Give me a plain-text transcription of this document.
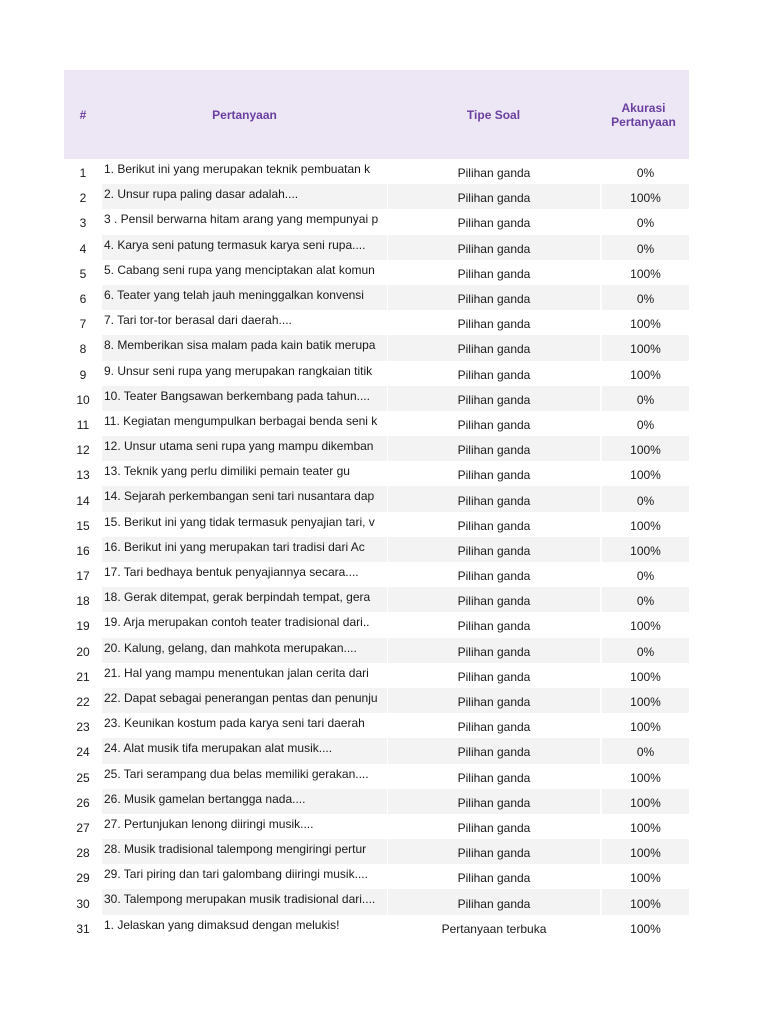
#	Pertanyaan	Tipe Soal	Akurasi
Pertanyaan
1	1. Berikut ini yang merupakan teknik pembuatan k	Pilihan ganda	0%
2	2. Unsur rupa paling dasar adalah....	Pilihan ganda	100%
3	3 . Pensil berwarna hitam arang yang mempunyai p	Pilihan ganda	0%
4	4. Karya seni patung termasuk karya seni rupa....	Pilihan ganda	0%
5	5. Cabang seni rupa yang menciptakan alat komun	Pilihan ganda	100%
6	6. Teater yang telah jauh meninggalkan konvensi	Pilihan ganda	0%
7	7. Tari tor-tor berasal dari daerah....	Pilihan ganda	100%
8	8. Memberikan sisa malam pada kain batik merupa	Pilihan ganda	100%
9	9. Unsur seni rupa yang merupakan rangkaian titik	Pilihan ganda	100%
10	10. Teater Bangsawan berkembang pada tahun....	Pilihan ganda	0%
11	11. Kegiatan mengumpulkan berbagai benda seni k	Pilihan ganda	0%
12	12. Unsur utama seni rupa yang mampu dikemban	Pilihan ganda	100%
13	13. Teknik yang perlu dimiliki pemain teater gu	Pilihan ganda	100%
14	14. Sejarah perkembangan seni tari nusantara dap	Pilihan ganda	0%
15	15. Berikut ini yang tidak termasuk penyajian tari, v	Pilihan ganda	100%
16	16. Berikut ini yang merupakan tari tradisi dari Ac	Pilihan ganda	100%
17	17. Tari bedhaya bentuk penyajiannya secara....	Pilihan ganda	0%
18	18. Gerak ditempat, gerak berpindah tempat, gera	Pilihan ganda	0%
19	19. Arja merupakan contoh teater tradisional dari..	Pilihan ganda	100%
20	20. Kalung, gelang, dan mahkota merupakan....	Pilihan ganda	0%
21	21. Hal yang mampu menentukan jalan cerita dari	Pilihan ganda	100%
22	22. Dapat sebagai penerangan pentas dan penunju	Pilihan ganda	100%
23	23. Keunikan kostum pada karya seni tari daerah	Pilihan ganda	100%
24	24. Alat musik tifa merupakan alat musik....	Pilihan ganda	0%
25	25. Tari serampang dua belas memiliki gerakan....	Pilihan ganda	100%
26	26. Musik gamelan bertangga nada....	Pilihan ganda	100%
27	27. Pertunjukan lenong diiringi musik....	Pilihan ganda	100%
28	28. Musik tradisional talempong mengiringi pertur	Pilihan ganda	100%
29	29. Tari piring dan tari galombang diiringi musik....	Pilihan ganda	100%
30	30. Talempong merupakan musik tradisional dari....	Pilihan ganda	100%
31	1. Jelaskan yang dimaksud dengan melukis!	Pertanyaan terbuka	100%
